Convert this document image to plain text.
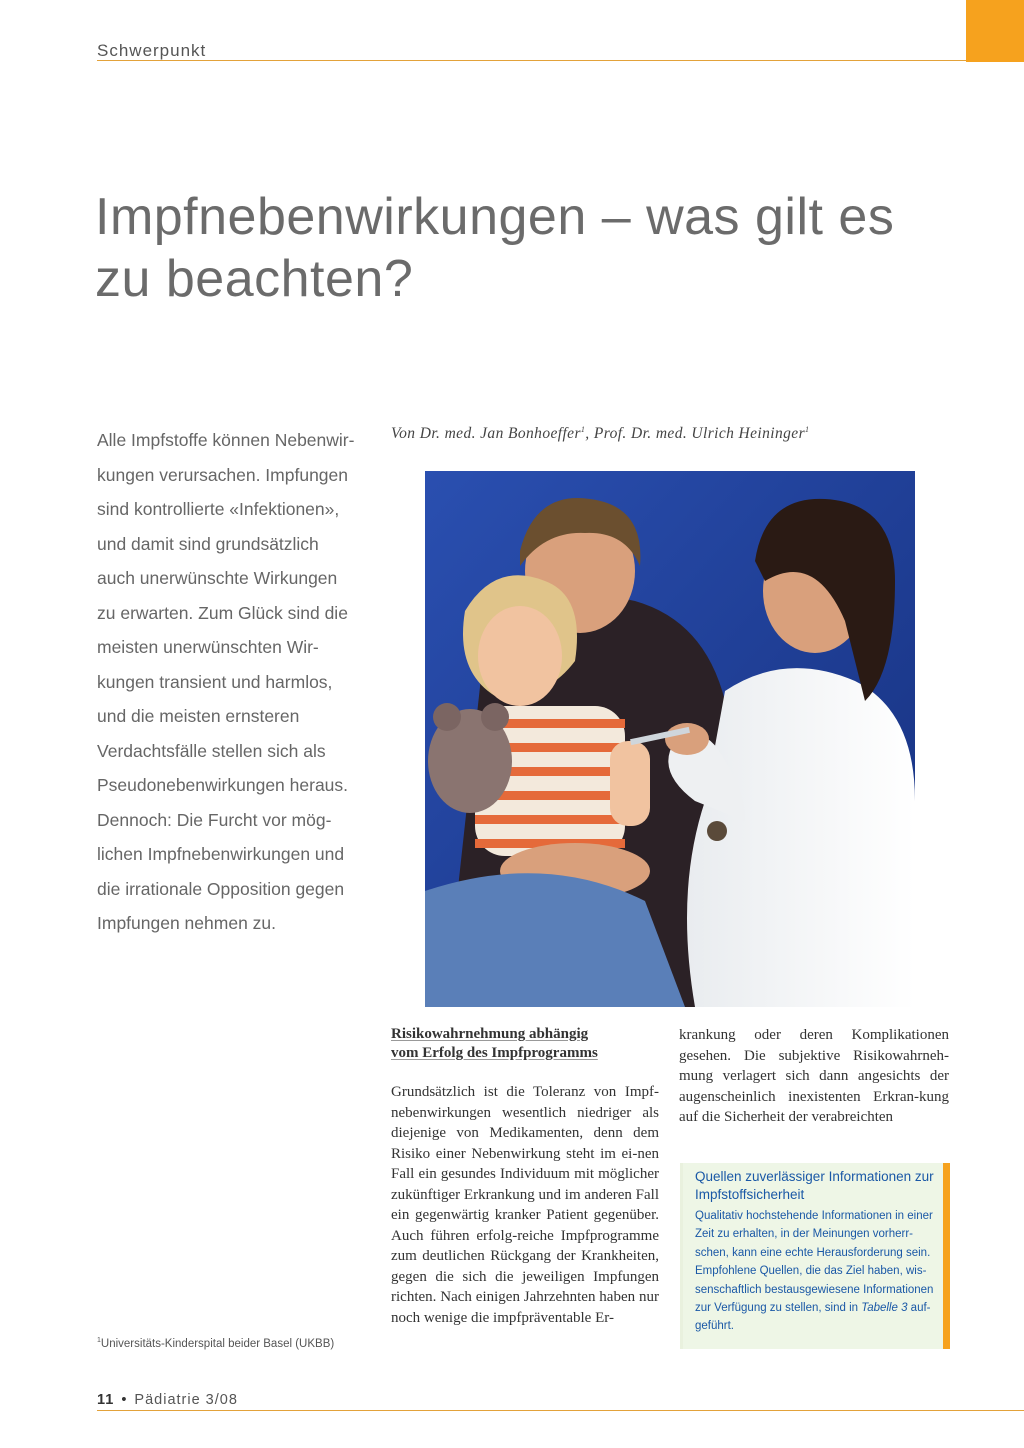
Schwerpunkt
Impfnebenwirkungen – was gilt es
zu beachten?

Alle Impfstoffe können Nebenwir-

kungen verursachen. Impfungen

sind kontrollierte «Infektionen»,

und damit sind grundsätzlich

auch unerwünschte Wirkungen

zu erwarten. Zum Glück sind die

meisten unerwünschten Wir-

kungen transient und harmlos,

und die meisten ernsteren

Verdachtsfälle stellen sich als

Pseudonebenwirkungen heraus.

Dennoch: Die Furcht vor mög-

lichen Impfnebenwirkungen und

die irrationale Opposition gegen

Impfungen nehmen zu.

Von Dr. med. Jan Bonhoeffer$^1$, Prof. Dr. med. Ulrich Heininger$^1$
Risikowahrnehmung abhängig
vom Erfolg des Impfprogramms

Grundsätzlich ist die Toleranz von Impf-nebenwirkungen wesentlich niedriger als diejenige von Medikamenten, denn dem Risiko einer Nebenwirkung steht im ei-nen Fall ein gesundes Individuum mit möglicher zukünftiger Erkrankung und im anderen Fall ein gegenwärtig kranker Patient gegenüber. Auch führen erfolg-reiche Impfprogramme zum deutlichen Rückgang der Krankheiten, gegen die sich die jeweiligen Impfungen richten. Nach einigen Jahrzehnten haben nur noch wenige die impfpräventable Er-

krankung oder deren Komplikationen gesehen. Die subjektive Risikowahrneh-mung verlagert sich dann angesichts der augenscheinlich inexistenten Erkran-kung auf die Sicherheit der verabreichten
Quellen zuverlässiger Informationen zur Impfstoffsicherheit

Qualitativ hochstehende Informationen in einer Zeit zu erhalten, in der Meinungen vorherr-schen, kann eine echte Herausforderung sein. Empfohlene Quellen, die das Ziel haben, wis-senschaftlich bestausgewiesene Informationen zur Verfügung zu stellen, sind in Tabelle 3 auf-geführt.

$^1$Universitäts-Kinderspital beider Basel (UKBB)
11 • Pädiatrie 3/08
